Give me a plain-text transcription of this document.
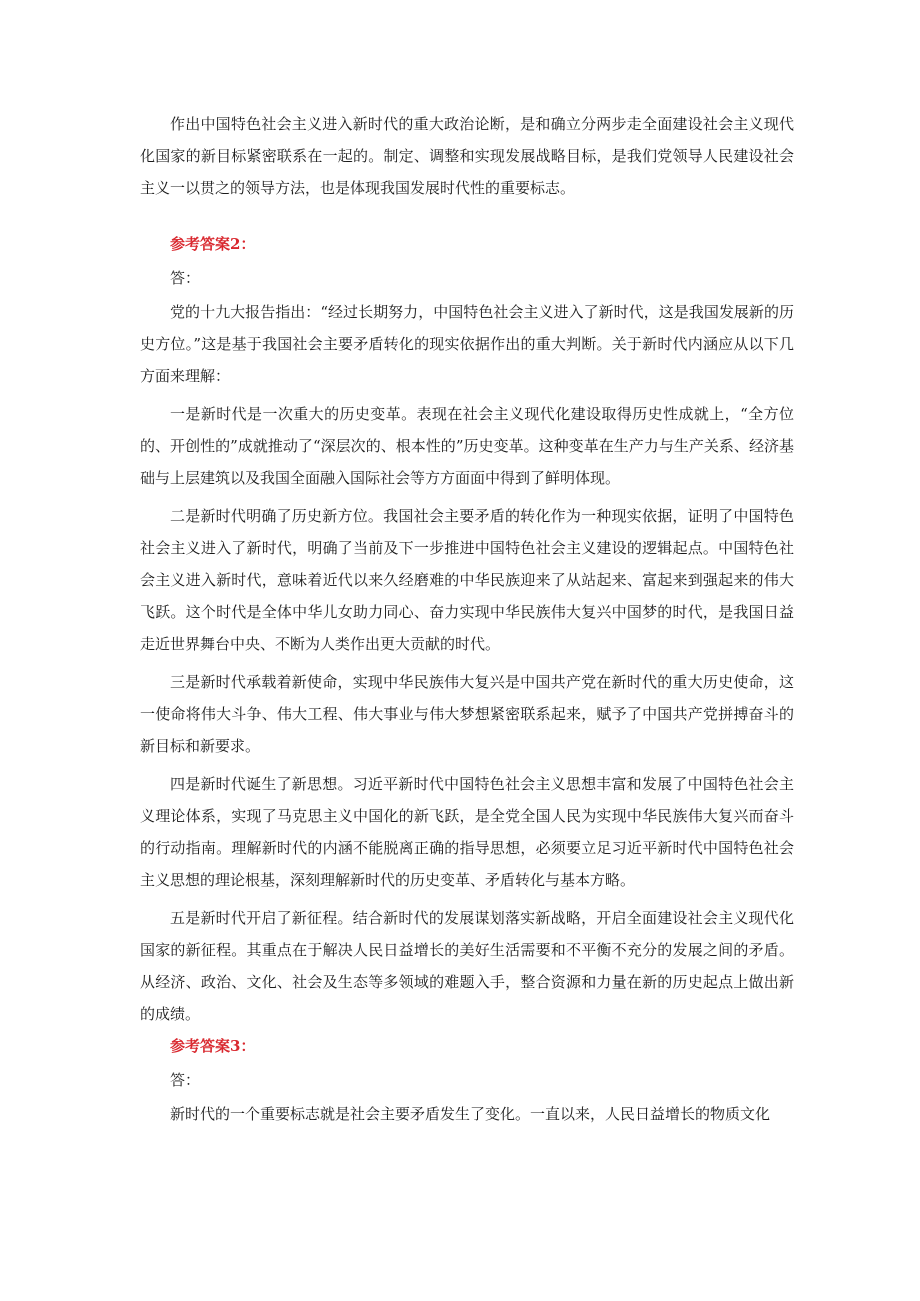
作出中国特色社会主义进入新时代的重大政治论断，是和确立分两步走全面建设社会主义现代化国家的新目标紧密联系在一起的。制定、调整和实现发展战略目标，是我们党领导人民建设社会主义一以贯之的领导方法，也是体现我国发展时代性的重要标志。

参考答案2：

答：

党的十九大报告指出：“经过长期努力，中国特色社会主义进入了新时代，这是我国发展新的历史方位。”这是基于我国社会主要矛盾转化的现实依据作出的重大判断。关于新时代内涵应从以下几方面来理解：

一是新时代是一次重大的历史变革。表现在社会主义现代化建设取得历史性成就上，“全方位的、开创性的”成就推动了“深层次的、根本性的”历史变革。这种变革在生产力与生产关系、经济基础与上层建筑以及我国全面融入国际社会等方方面面中得到了鲜明体现。

二是新时代明确了历史新方位。我国社会主要矛盾的转化作为一种现实依据，证明了中国特色社会主义进入了新时代，明确了当前及下一步推进中国特色社会主义建设的逻辑起点。中国特色社会主义进入新时代，意味着近代以来久经磨难的中华民族迎来了从站起来、富起来到强起来的伟大飞跃。这个时代是全体中华儿女助力同心、奋力实现中华民族伟大复兴中国梦的时代，是我国日益走近世界舞台中央、不断为人类作出更大贡献的时代。

三是新时代承载着新使命，实现中华民族伟大复兴是中国共产党在新时代的重大历史使命，这一使命将伟大斗争、伟大工程、伟大事业与伟大梦想紧密联系起来，赋予了中国共产党拼搏奋斗的新目标和新要求。

四是新时代诞生了新思想。习近平新时代中国特色社会主义思想丰富和发展了中国特色社会主义理论体系，实现了马克思主义中国化的新飞跃，是全党全国人民为实现中华民族伟大复兴而奋斗的行动指南。理解新时代的内涵不能脱离正确的指导思想，必须要立足习近平新时代中国特色社会主义思想的理论根基，深刻理解新时代的历史变革、矛盾转化与基本方略。

五是新时代开启了新征程。结合新时代的发展谋划落实新战略，开启全面建设社会主义现代化国家的新征程。其重点在于解决人民日益增长的美好生活需要和不平衡不充分的发展之间的矛盾。从经济、政治、文化、社会及生态等多领域的难题入手，整合资源和力量在新的历史起点上做出新的成绩。

参考答案3：

答：

新时代的一个重要标志就是社会主要矛盾发生了变化。一直以来，人民日益增长的物质文化
